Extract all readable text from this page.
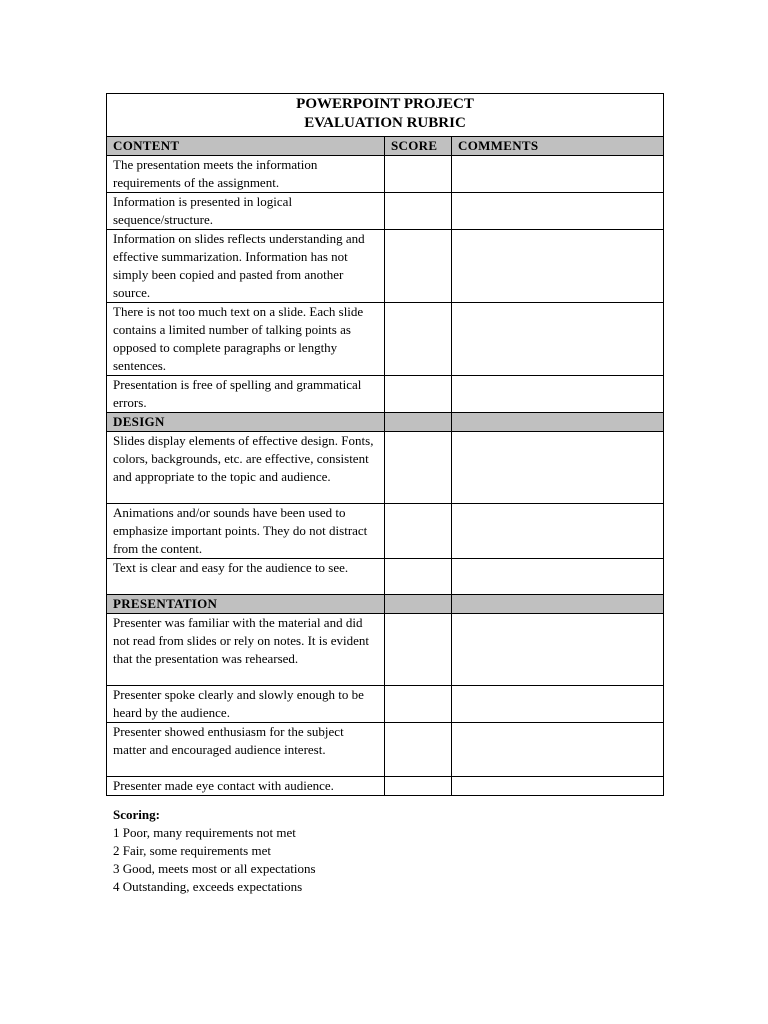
POWERPOINT PROJECT
EVALUATION RUBRIC		

CONTENT	SCORE	COMMENTS
The presentation meets the information requirements of the assignment.		
Information is presented in logical sequence/structure.		
Information on slides reflects understanding and effective summarization. Information has not simply been copied and pasted from another source.		
There is not too much text on a slide. Each slide contains a limited number of talking points as opposed to complete paragraphs or lengthy sentences.		
Presentation is free of spelling and grammatical errors.		
DESIGN		
Slides display elements of effective design. Fonts, colors, backgrounds, etc. are effective, consistent and appropriate to the topic and audience.		
Animations and/or sounds have been used to emphasize important points. They do not distract from the content.		
Text is clear and easy for the audience to see.		
PRESENTATION		
Presenter was familiar with the material and did not read from slides or rely on notes. It is evident that the presentation was rehearsed.		
Presenter spoke clearly and slowly enough to be heard by the audience.		
Presenter showed enthusiasm for the subject matter and encouraged audience interest.		
Presenter made eye contact with audience.		
Scoring:
1 Poor, many requirements not met
2 Fair, some requirements met
3 Good, meets most or all expectations
4 Outstanding, exceeds expectations
